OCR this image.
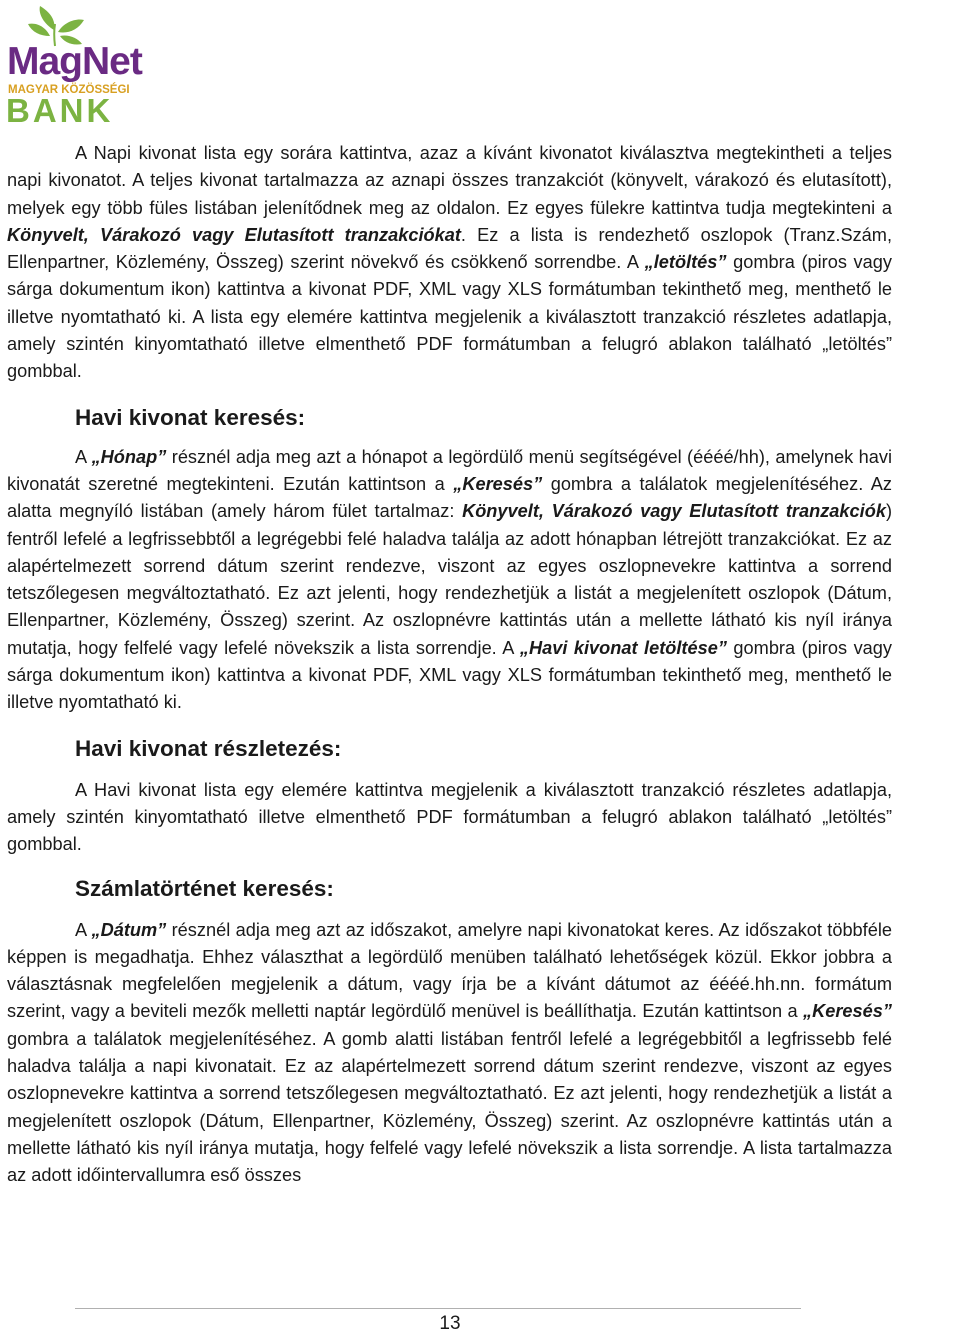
MagNet
MAGYAR KÖZÖSSÉGI
BANK

A Napi kivonat lista egy sorára kattintva, azaz a kívánt kivonatot kiválasztva megtekintheti a teljes napi kivonatot. A teljes kivonat tartalmazza az aznapi összes tranzakciót (könyvelt, várakozó és elutasított), melyek egy több füles listában jelenítődnek meg az oldalon. Ez egyes fülekre kattintva tudja megtekinteni a Könyvelt, Várakozó vagy Elutasított tranzakciókat. Ez a lista is rendezhető oszlopok (Tranz.Szám, Ellenpartner, Közlemény, Összeg) szerint növekvő és csökkenő sorrendbe. A „letöltés” gombra (piros vagy sárga dokumentum ikon) kattintva a kivonat PDF, XML vagy XLS formátumban tekinthető meg, menthető le illetve nyomtatható ki. A lista egy elemére kattintva megjelenik a kiválasztott tranzakció részletes adatlapja, amely szintén kinyomtatható illetve elmenthető PDF formátumban a felugró ablakon található „letöltés” gombbal.

Havi kivonat keresés:

A „Hónap” résznél adja meg azt a hónapot a legördülő menü segítségével (éééé/hh), amelynek havi kivonatát szeretné megtekinteni. Ezután kattintson a „Keresés” gombra a találatok megjelenítéséhez. Az alatta megnyíló listában (amely három fület tartalmaz: Könyvelt, Várakozó vagy Elutasított tranzakciók) fentről lefelé a legfrissebbtől a legrégebbi felé haladva találja az adott hónapban létrejött tranzakciókat. Ez az alapértelmezett sorrend dátum szerint rendezve, viszont az egyes oszlopnevekre kattintva a sorrend tetszőlegesen megváltoztatható. Ez azt jelenti, hogy rendezhetjük a listát a megjelenített oszlopok (Dátum, Ellenpartner, Közlemény, Összeg) szerint. Az oszlopnévre kattintás után a mellette látható kis nyíl iránya mutatja, hogy felfelé vagy lefelé növekszik a lista sorrendje. A „Havi kivonat letöltése” gombra (piros vagy sárga dokumentum ikon) kattintva a kivonat PDF, XML vagy XLS formátumban tekinthető meg, menthető le illetve nyomtatható ki.

Havi kivonat részletezés:

A Havi kivonat lista egy elemére kattintva megjelenik a kiválasztott tranzakció részletes adatlapja, amely szintén kinyomtatható illetve elmenthető PDF formátumban a felugró ablakon található „letöltés” gombbal.

Számlatörténet keresés:

A „Dátum” résznél adja meg azt az időszakot, amelyre napi kivonatokat keres. Az időszakot többféle képpen is megadhatja. Ehhez választhat a legördülő menüben található lehetőségek közül. Ekkor jobbra a választásnak megfelelően megjelenik a dátum, vagy írja be a kívánt dátumot az éééé.hh.nn. formátum szerint, vagy a beviteli mezők melletti naptár legördülő menüvel is beállíthatja. Ezután kattintson a „Keresés” gombra a találatok megjelenítéséhez. A gomb alatti listában fentről lefelé a legrégebbitől a legfrissebb felé haladva találja a napi kivonatait. Ez az alapértelmezett sorrend dátum szerint rendezve, viszont az egyes oszlopnevekre kattintva a sorrend tetszőlegesen megváltoztatható. Ez azt jelenti, hogy rendezhetjük a listát a megjelenített oszlopok (Dátum, Ellenpartner, Közlemény, Összeg) szerint. Az oszlopnévre kattintás után a mellette látható kis nyíl iránya mutatja, hogy felfelé vagy lefelé növekszik a lista sorrendje. A lista tartalmazza az adott időintervallumra eső összes

13
